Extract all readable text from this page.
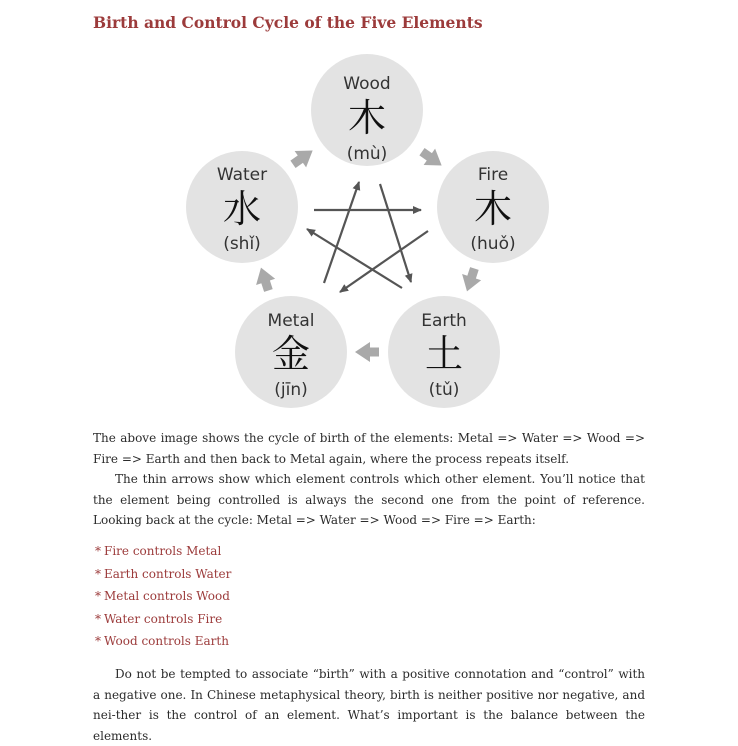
Birth and Control Cycle of the Five Elements
Wood
木
(mù)
Fire
木
(huǒ)
Earth
土
(tǔ)
Metal
金
(jīn)
Water
水
(shǐ)

The above image shows the cycle of birth of the elements: Metal => Water => Wood => Fire => Earth and then back to Metal again, where the process repeats itself.

The thin arrows show which element controls which other element. You’ll notice that the element being controlled is always the second one from the point of reference. Looking back at the cycle: Metal => Water => Wood => Fire => Earth:

* Fire controls Metal
* Earth controls Water
* Metal controls Wood
* Water controls Fire
* Wood controls Earth

Do not be tempted to associate “birth” with a positive connotation and “control” with a negative one. In Chinese metaphysical theory, birth is neither positive nor negative, and nei-ther is the control of an element. What’s important is the balance between the elements.
